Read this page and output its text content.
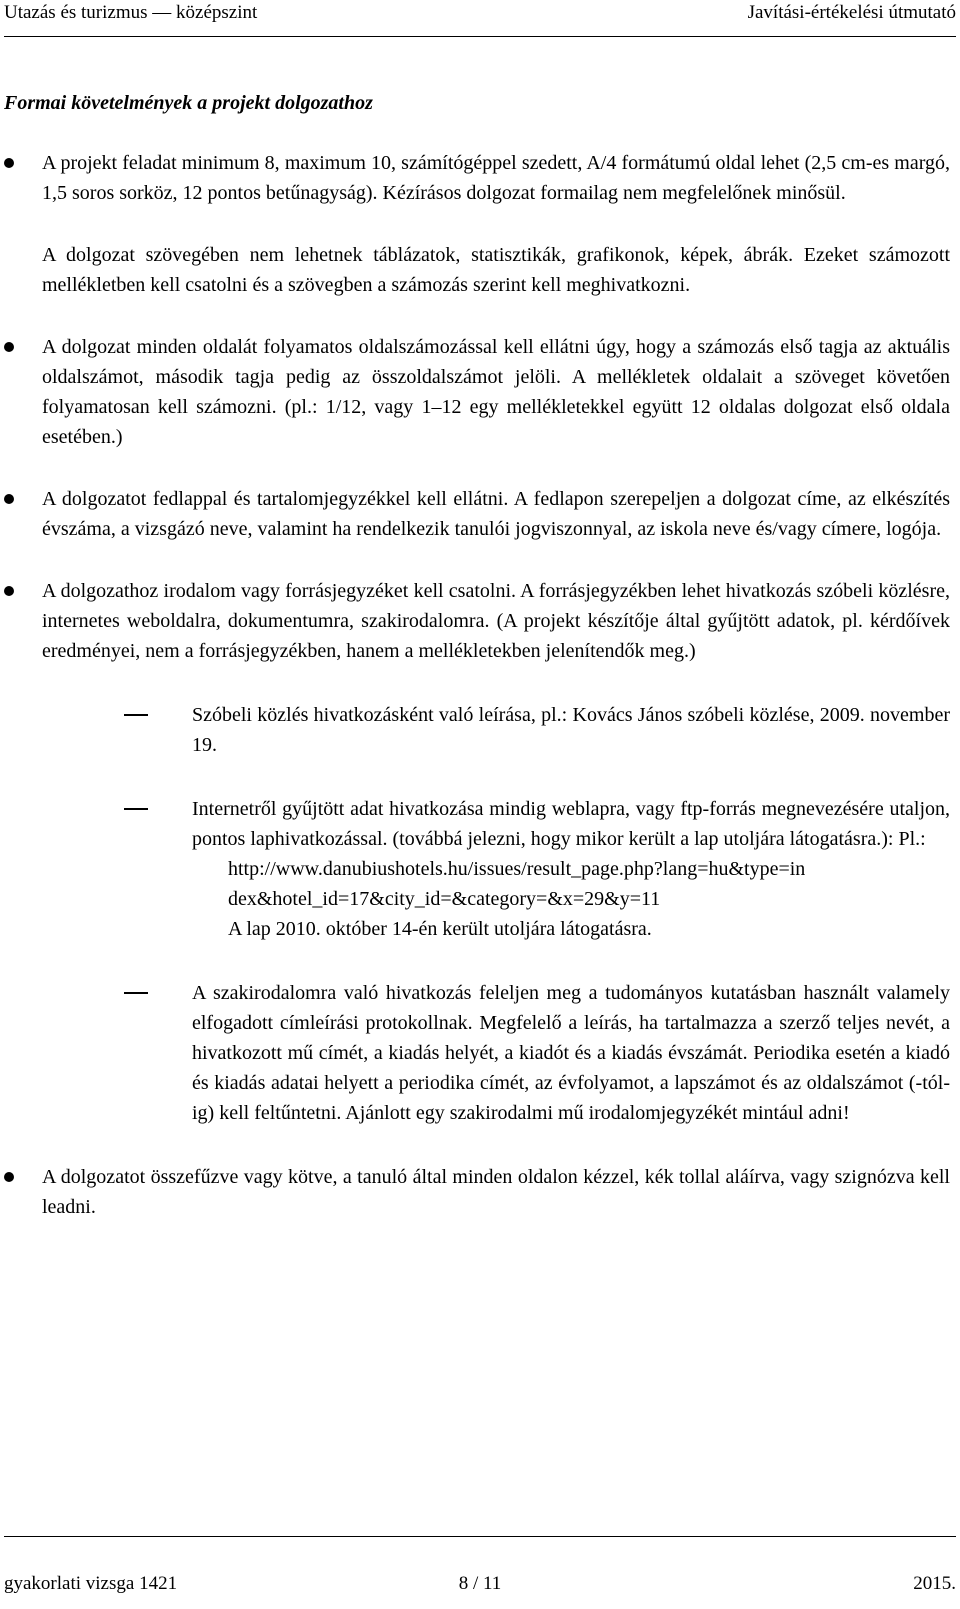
Utazás és turizmus — középszint	Javítási-értékelési útmutató
Formai követelmények a projekt dolgozathoz
A projekt feladat minimum 8, maximum 10, számítógéppel szedett, A/4 formátumú oldal lehet (2,5 cm-es margó, 1,5 soros sorköz, 12 pontos betűnagyság). Kézírásos dolgozat formailag nem megfelelőnek minősül.
A dolgozat szövegében nem lehetnek táblázatok, statisztikák, grafikonok, képek, ábrák. Ezeket számozott mellékletben kell csatolni és a szövegben a számozás szerint kell meghivatkozni.
A dolgozat minden oldalát folyamatos oldalszámozással kell ellátni úgy, hogy a számozás első tagja az aktuális oldalszámot, második tagja pedig az összoldalszámot jelöli. A mellékletek oldalait a szöveget követően folyamatosan kell számozni. (pl.: 1/12, vagy 1–12 egy mellékletekkel együtt 12 oldalas dolgozat első oldala esetében.)
A dolgozatot fedlappal és tartalomjegyzékkel kell ellátni. A fedlapon szerepeljen a dolgozat címe, az elkészítés évszáma, a vizsgázó neve, valamint ha rendelkezik tanulói jogviszonnyal, az iskola neve és/vagy címere, logója.
A dolgozathoz irodalom vagy forrásjegyzéket kell csatolni. A forrásjegyzékben lehet hivatkozás szóbeli közlésre, internetes weboldalra, dokumentumra, szakirodalomra. (A projekt készítője által gyűjtött adatok, pl. kérdőívek eredményei, nem a forrásjegyzékben, hanem a mellékletekben jelenítendők meg.)
Szóbeli közlés hivatkozásként való leírása, pl.: Kovács János szóbeli közlése, 2009. november 19.
Internetről gyűjtött adat hivatkozása mindig weblapra, vagy ftp-forrás megnevezésére utaljon, pontos laphivatkozással. (továbbá jelezni, hogy mikor került a lap utoljára látogatásra.): Pl.:
http://www.danubiushotels.hu/issues/result_page.php?lang=hu&type=in
dex&hotel_id=17&city_id=&category=&x=29&y=11
A lap 2010. október 14-én került utoljára látogatásra.
A szakirodalomra való hivatkozás feleljen meg a tudományos kutatásban használt valamely elfogadott címleírási protokollnak. Megfelelő a leírás, ha tartalmazza a szerző teljes nevét, a hivatkozott mű címét, a kiadás helyét, a kiadót és a kiadás évszámát. Periodika esetén a kiadó és kiadás adatai helyett a periodika címét, az évfolyamot, a lapszámot és az oldalszámot (-tól-ig) kell feltűntetni. Ajánlott egy szakirodalmi mű irodalomjegyzékét mintául adni!
A dolgozatot összefűzve vagy kötve, a tanuló által minden oldalon kézzel, kék tollal aláírva, vagy szignózva kell leadni.
gyakorlati vizsga 1421	8 / 11	2015.
